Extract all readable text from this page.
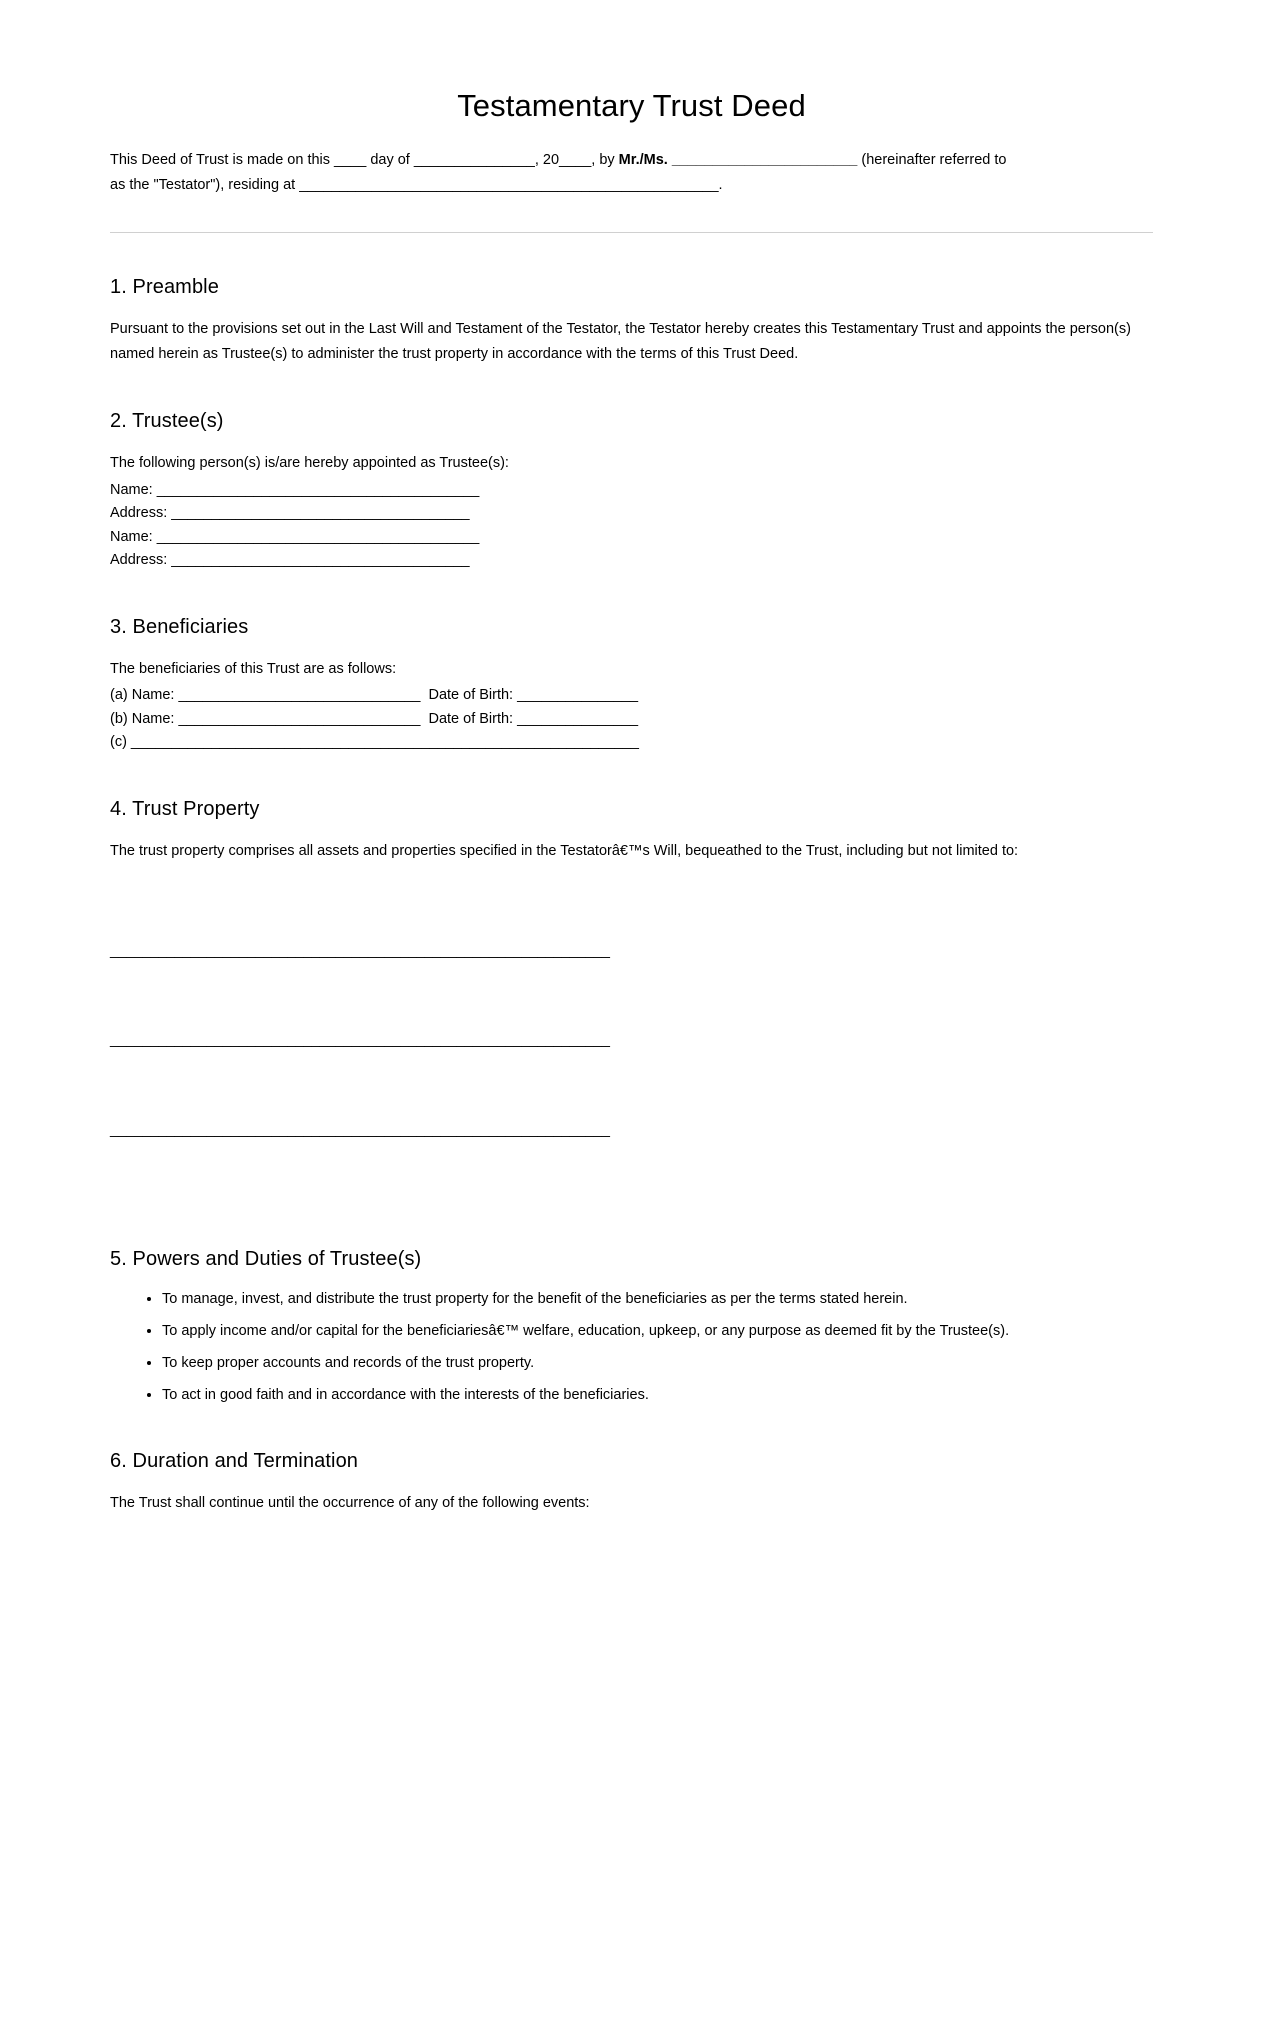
Testamentary Trust Deed

This Deed of Trust is made on this ____ day of _______________, 20____, by Mr./Ms. _______________________ (hereinafter referred to
as the "Testator"), residing at ____________________________________________________.

1. Preamble

Pursuant to the provisions set out in the Last Will and Testament of the Testator, the Testator hereby creates this Testamentary Trust and appoints the person(s) named herein as Trustee(s) to administer the trust property in accordance with the terms of this Trust Deed.

2. Trustee(s)

The following person(s) is/are hereby appointed as Trustee(s):

Name: ________________________________________
Address: _____________________________________
Name: ________________________________________
Address: _____________________________________
3. Beneficiaries

The beneficiaries of this Trust are as follows:

(a) Name: ______________________________  Date of Birth: _______________
(b) Name: ______________________________  Date of Birth: _______________
(c) _______________________________________________________________
4. Trust Property

The trust property comprises all assets and properties specified in the Testatorâ€™s Will, bequeathed to the Trust, including but not limited to:

______________________________________________________________

______________________________________________________________

______________________________________________________________

5. Powers and Duties of Trustee(s)
• To manage, invest, and distribute the trust property for the benefit of the beneficiaries as per the terms stated herein.
• To apply income and/or capital for the beneficiariesâ€™ welfare, education, upkeep, or any purpose as deemed fit by the Trustee(s).
• To keep proper accounts and records of the trust property.
• To act in good faith and in accordance with the interests of the beneficiaries.
6. Duration and Termination

The Trust shall continue until the occurrence of any of the following events:
